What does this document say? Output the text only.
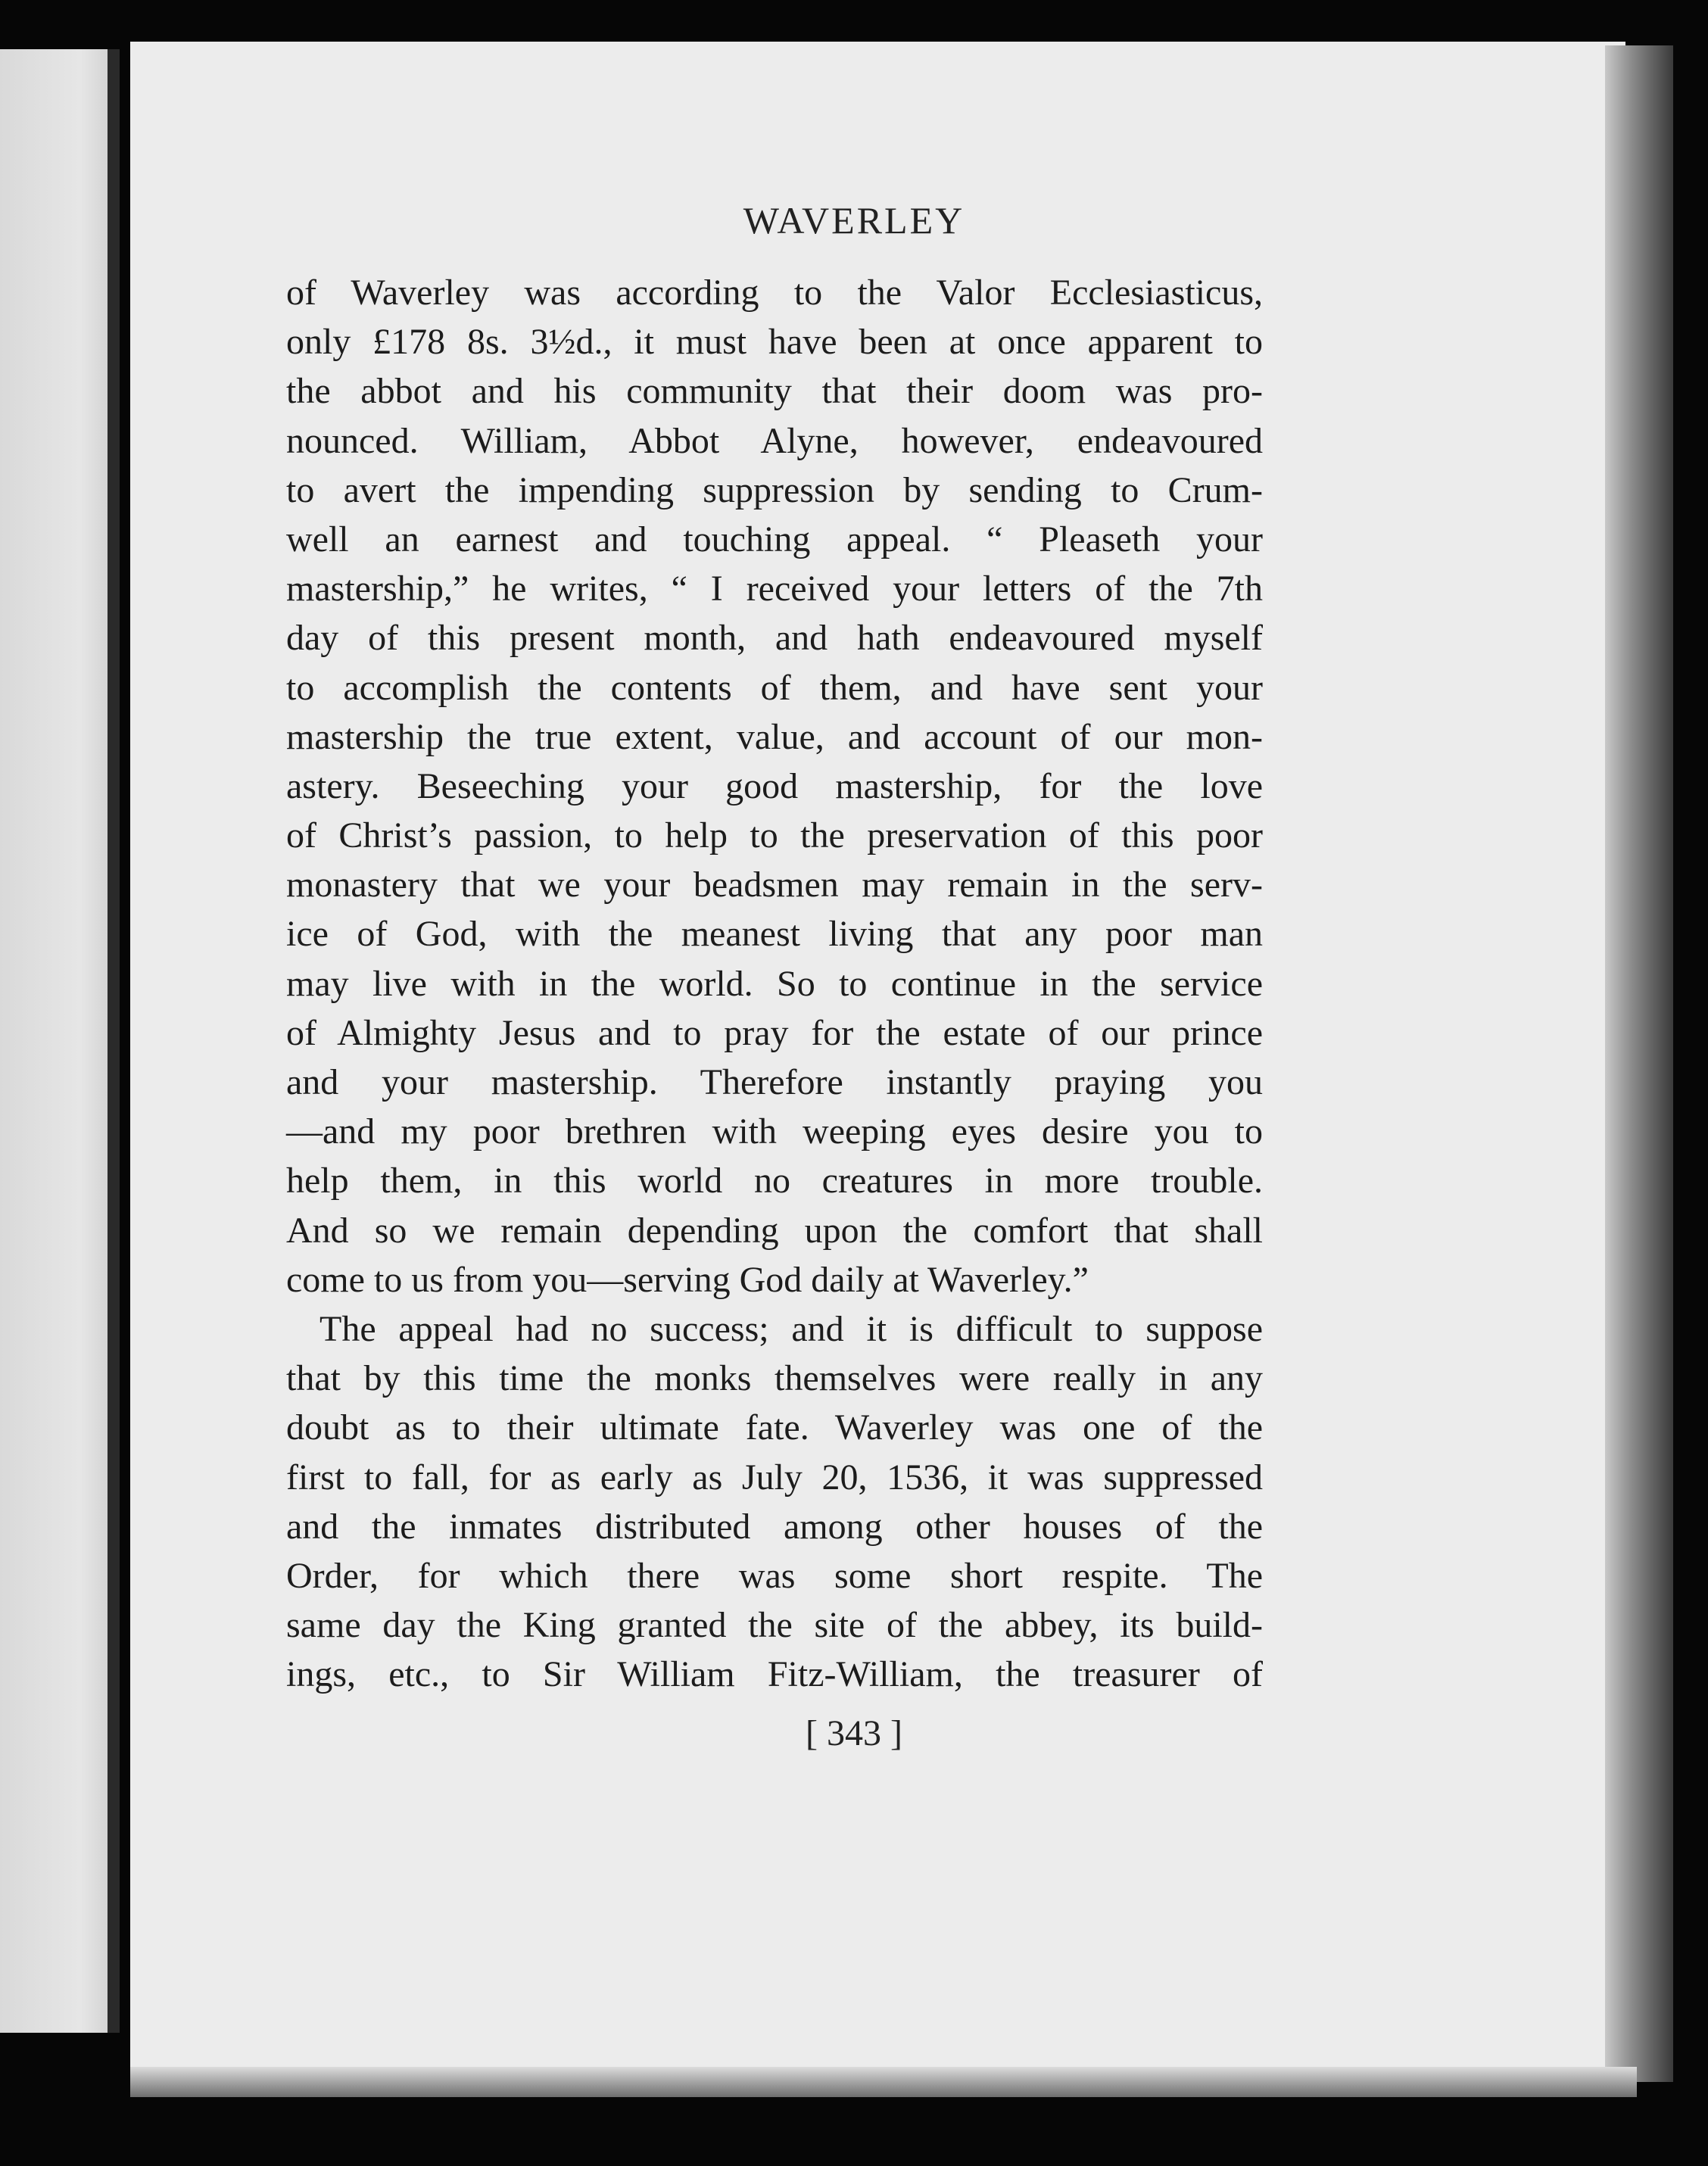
WAVERLEY
of Waverley was according to the Valor Ecclesiasticus,
only £178 8s. 3½d., it must have been at once apparent to
the abbot and his community that their doom was pro-
nounced. William, Abbot Alyne, however, endeavoured
to avert the impending suppression by sending to Crum-
well an earnest and touching appeal. “ Pleaseth your
mastership,” he writes, “ I received your letters of the 7th
day of this present month, and hath endeavoured myself
to accomplish the contents of them, and have sent your
mastership the true extent, value, and account of our mon-
astery. Beseeching your good mastership, for the love
of Christ’s passion, to help to the preservation of this poor
monastery that we your beadsmen may remain in the serv-
ice of God, with the meanest living that any poor man
may live with in the world. So to continue in the service
of Almighty Jesus and to pray for the estate of our prince
and your mastership. Therefore instantly praying you
—and my poor brethren with weeping eyes desire you to
help them, in this world no creatures in more trouble.
And so we remain depending upon the comfort that shall
come to us from you—serving God daily at Waverley.”
The appeal had no success; and it is difficult to suppose
that by this time the monks themselves were really in any
doubt as to their ultimate fate. Waverley was one of the
first to fall, for as early as July 20, 1536, it was suppressed
and the inmates distributed among other houses of the
Order, for which there was some short respite. The
same day the King granted the site of the abbey, its build-
ings, etc., to Sir William Fitz-William, the treasurer of
[ 343 ]
